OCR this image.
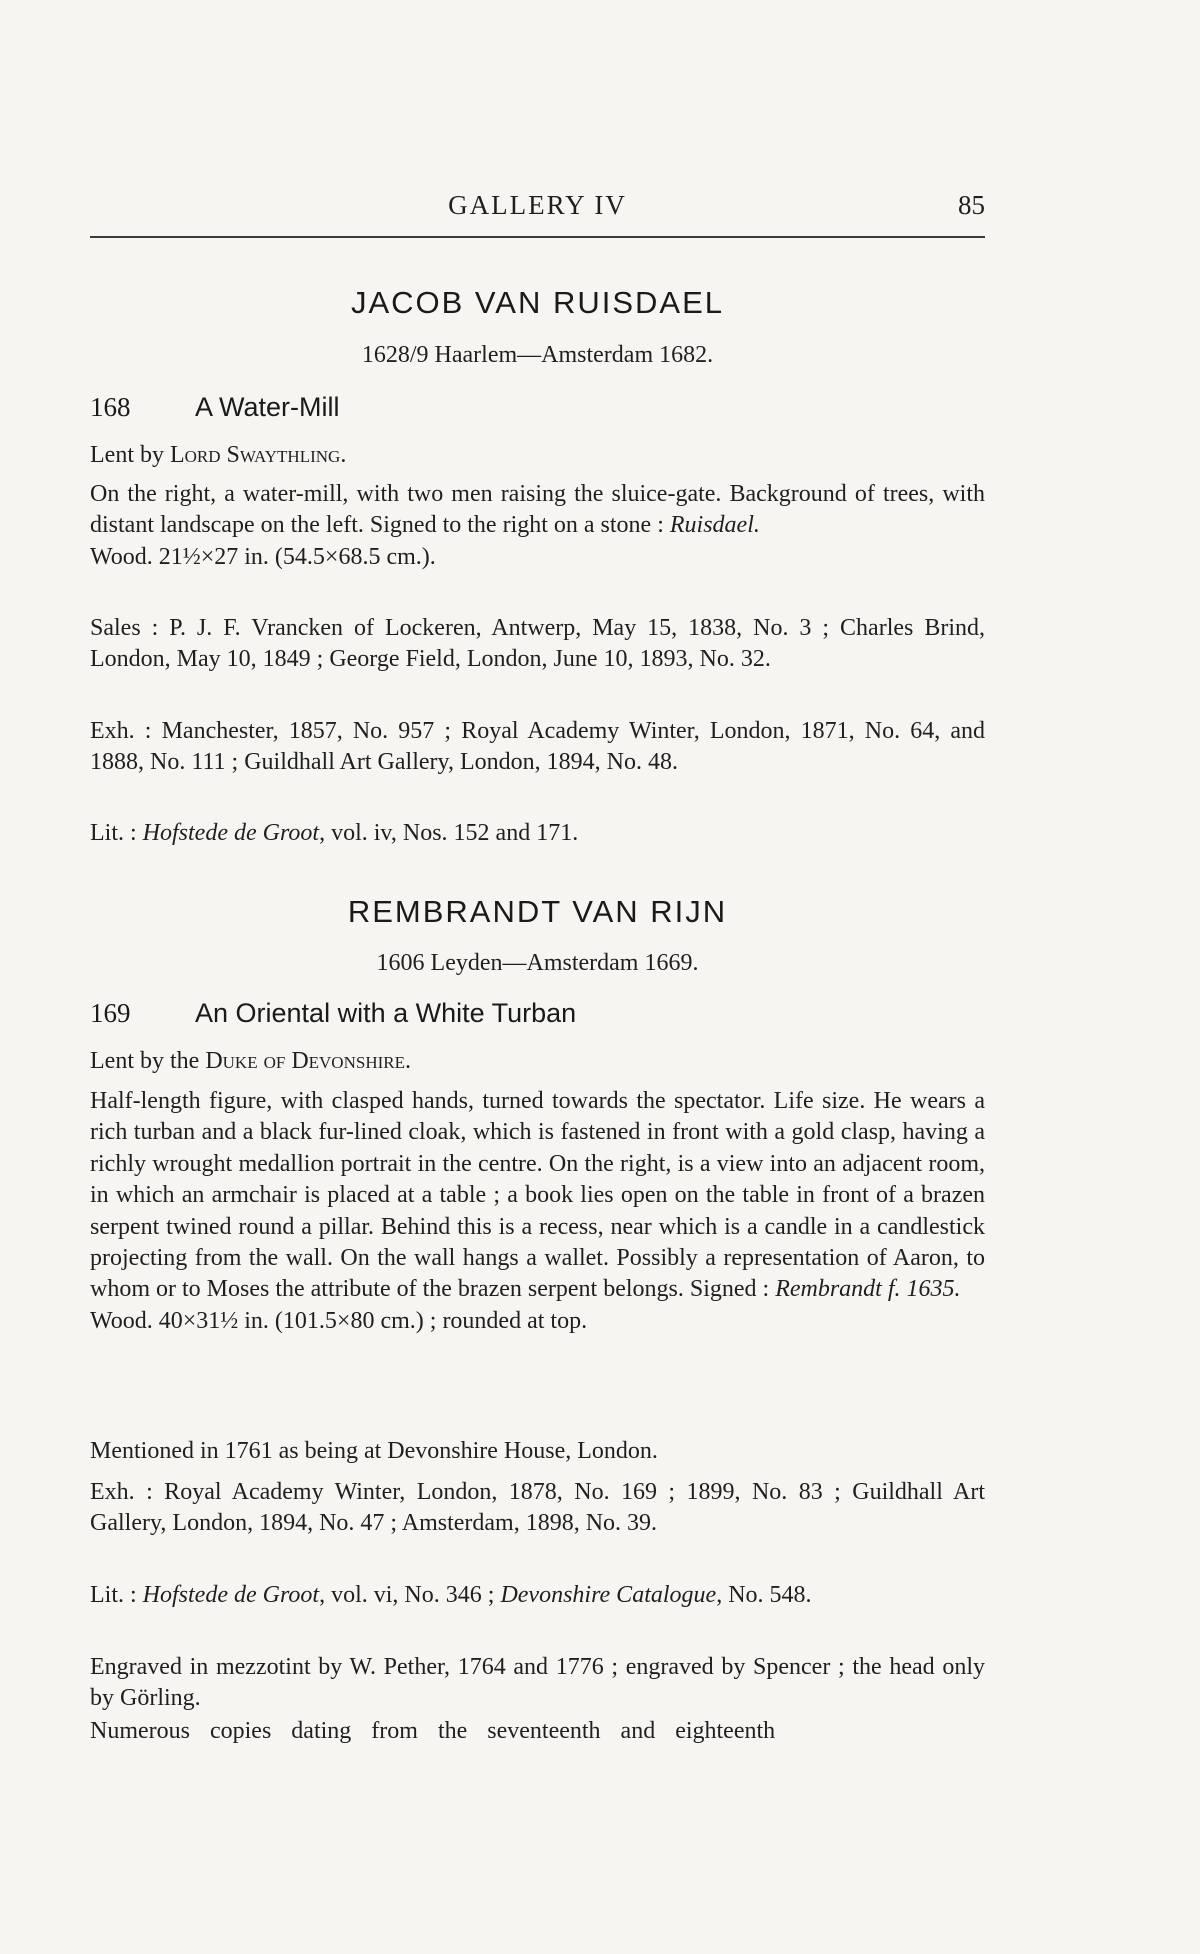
GALLERY IV	85
JACOB VAN RUISDAEL
1628/9 Haarlem—Amsterdam 1682.
168 A Water-Mill
Lent by Lord Swaythling.
On the right, a water-mill, with two men raising the sluice-gate. Background of trees, with distant landscape on the left. Signed to the right on a stone : Ruisdael.
Wood. 21½×27 in. (54.5×68.5 cm.).
Sales : P. J. F. Vrancken of Lockeren, Antwerp, May 15, 1838, No. 3 ; Charles Brind, London, May 10, 1849 ; George Field, London, June 10, 1893, No. 32.
Exh. : Manchester, 1857, No. 957 ; Royal Academy Winter, London, 1871, No. 64, and 1888, No. 111 ; Guildhall Art Gallery, London, 1894, No. 48.
Lit. : Hofstede de Groot, vol. iv, Nos. 152 and 171.
REMBRANDT VAN RIJN
1606 Leyden—Amsterdam 1669.
169 An Oriental with a White Turban
Lent by the Duke of Devonshire.
Half-length figure, with clasped hands, turned towards the spectator. Life size. He wears a rich turban and a black fur-lined cloak, which is fastened in front with a gold clasp, having a richly wrought medallion portrait in the centre. On the right, is a view into an adjacent room, in which an armchair is placed at a table ; a book lies open on the table in front of a brazen serpent twined round a pillar. Behind this is a recess, near which is a candle in a candlestick projecting from the wall. On the wall hangs a wallet. Possibly a representation of Aaron, to whom or to Moses the attribute of the brazen serpent belongs. Signed : Rembrandt f. 1635.
Wood. 40×31½ in. (101.5×80 cm.) ; rounded at top.
Mentioned in 1761 as being at Devonshire House, London.
Exh. : Royal Academy Winter, London, 1878, No. 169 ; 1899, No. 83 ; Guildhall Art Gallery, London, 1894, No. 47 ; Amsterdam, 1898, No. 39.
Lit. : Hofstede de Groot, vol. vi, No. 346 ; Devonshire Catalogue, No. 548.
Engraved in mezzotint by W. Pether, 1764 and 1776 ; engraved by Spencer ; the head only by Görling.
Numerous copies dating from the seventeenth and eighteenth
